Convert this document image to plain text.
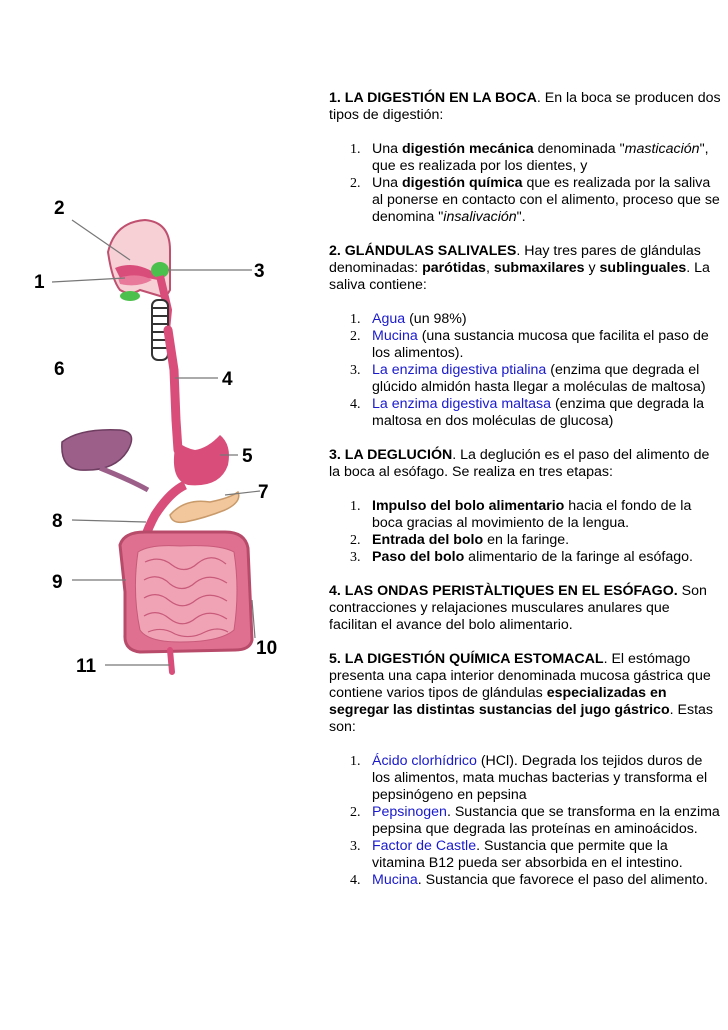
1
2
3
4
5
6
7
8
9
10
11

1. LA DIGESTIÓN EN LA BOCA. En la boca se producen dos tipos de digestión:

1. Una digestión mecánica denominada "masticación", que es realizada por los dientes, y
2. Una digestión química que es realizada por la saliva al ponerse en contacto con el alimento, proceso que se denomina "insalivación".

2. GLÁNDULAS SALIVALES. Hay tres pares de glándulas denominadas: parótidas, submaxilares y sublinguales. La saliva contiene:

1. Agua (un 98%)
2. Mucina (una sustancia mucosa que facilita el paso de los alimentos).
3. La enzima digestiva ptialina (enzima que degrada el glúcido almidón hasta llegar a moléculas de maltosa)
4. La enzima digestiva maltasa (enzima que degrada la maltosa en dos moléculas de glucosa)

3. LA DEGLUCIÓN. La deglución es el paso del alimento de la boca al esófago. Se realiza en tres etapas:

1. Impulso del bolo alimentario hacia el fondo de la boca gracias al movimiento de la lengua.
2. Entrada del bolo en la faringe.
3. Paso del bolo alimentario de la faringe al esófago.

4. LAS ONDAS PERISTÀLTIQUES EN EL ESÓFAGO. Son contracciones y relajaciones musculares anulares que facilitan el avance del bolo alimentario.

5. LA DIGESTIÓN QUÍMICA ESTOMACAL. El estómago presenta una capa interior denominada mucosa gástrica que contiene varios tipos de glándulas especializadas en segregar las distintas sustancias del jugo gástrico. Estas son:

1. Ácido clorhídrico (HCl). Degrada los tejidos duros de los alimentos, mata muchas bacterias y transforma el pepsinógeno en pepsina
2. Pepsinogen. Sustancia que se transforma en la enzima pepsina que degrada las proteínas en aminoácidos.
3. Factor de Castle. Sustancia que permite que la vitamina B12 pueda ser absorbida en el intestino.
4. Mucina. Sustancia que favorece el paso del alimento.
